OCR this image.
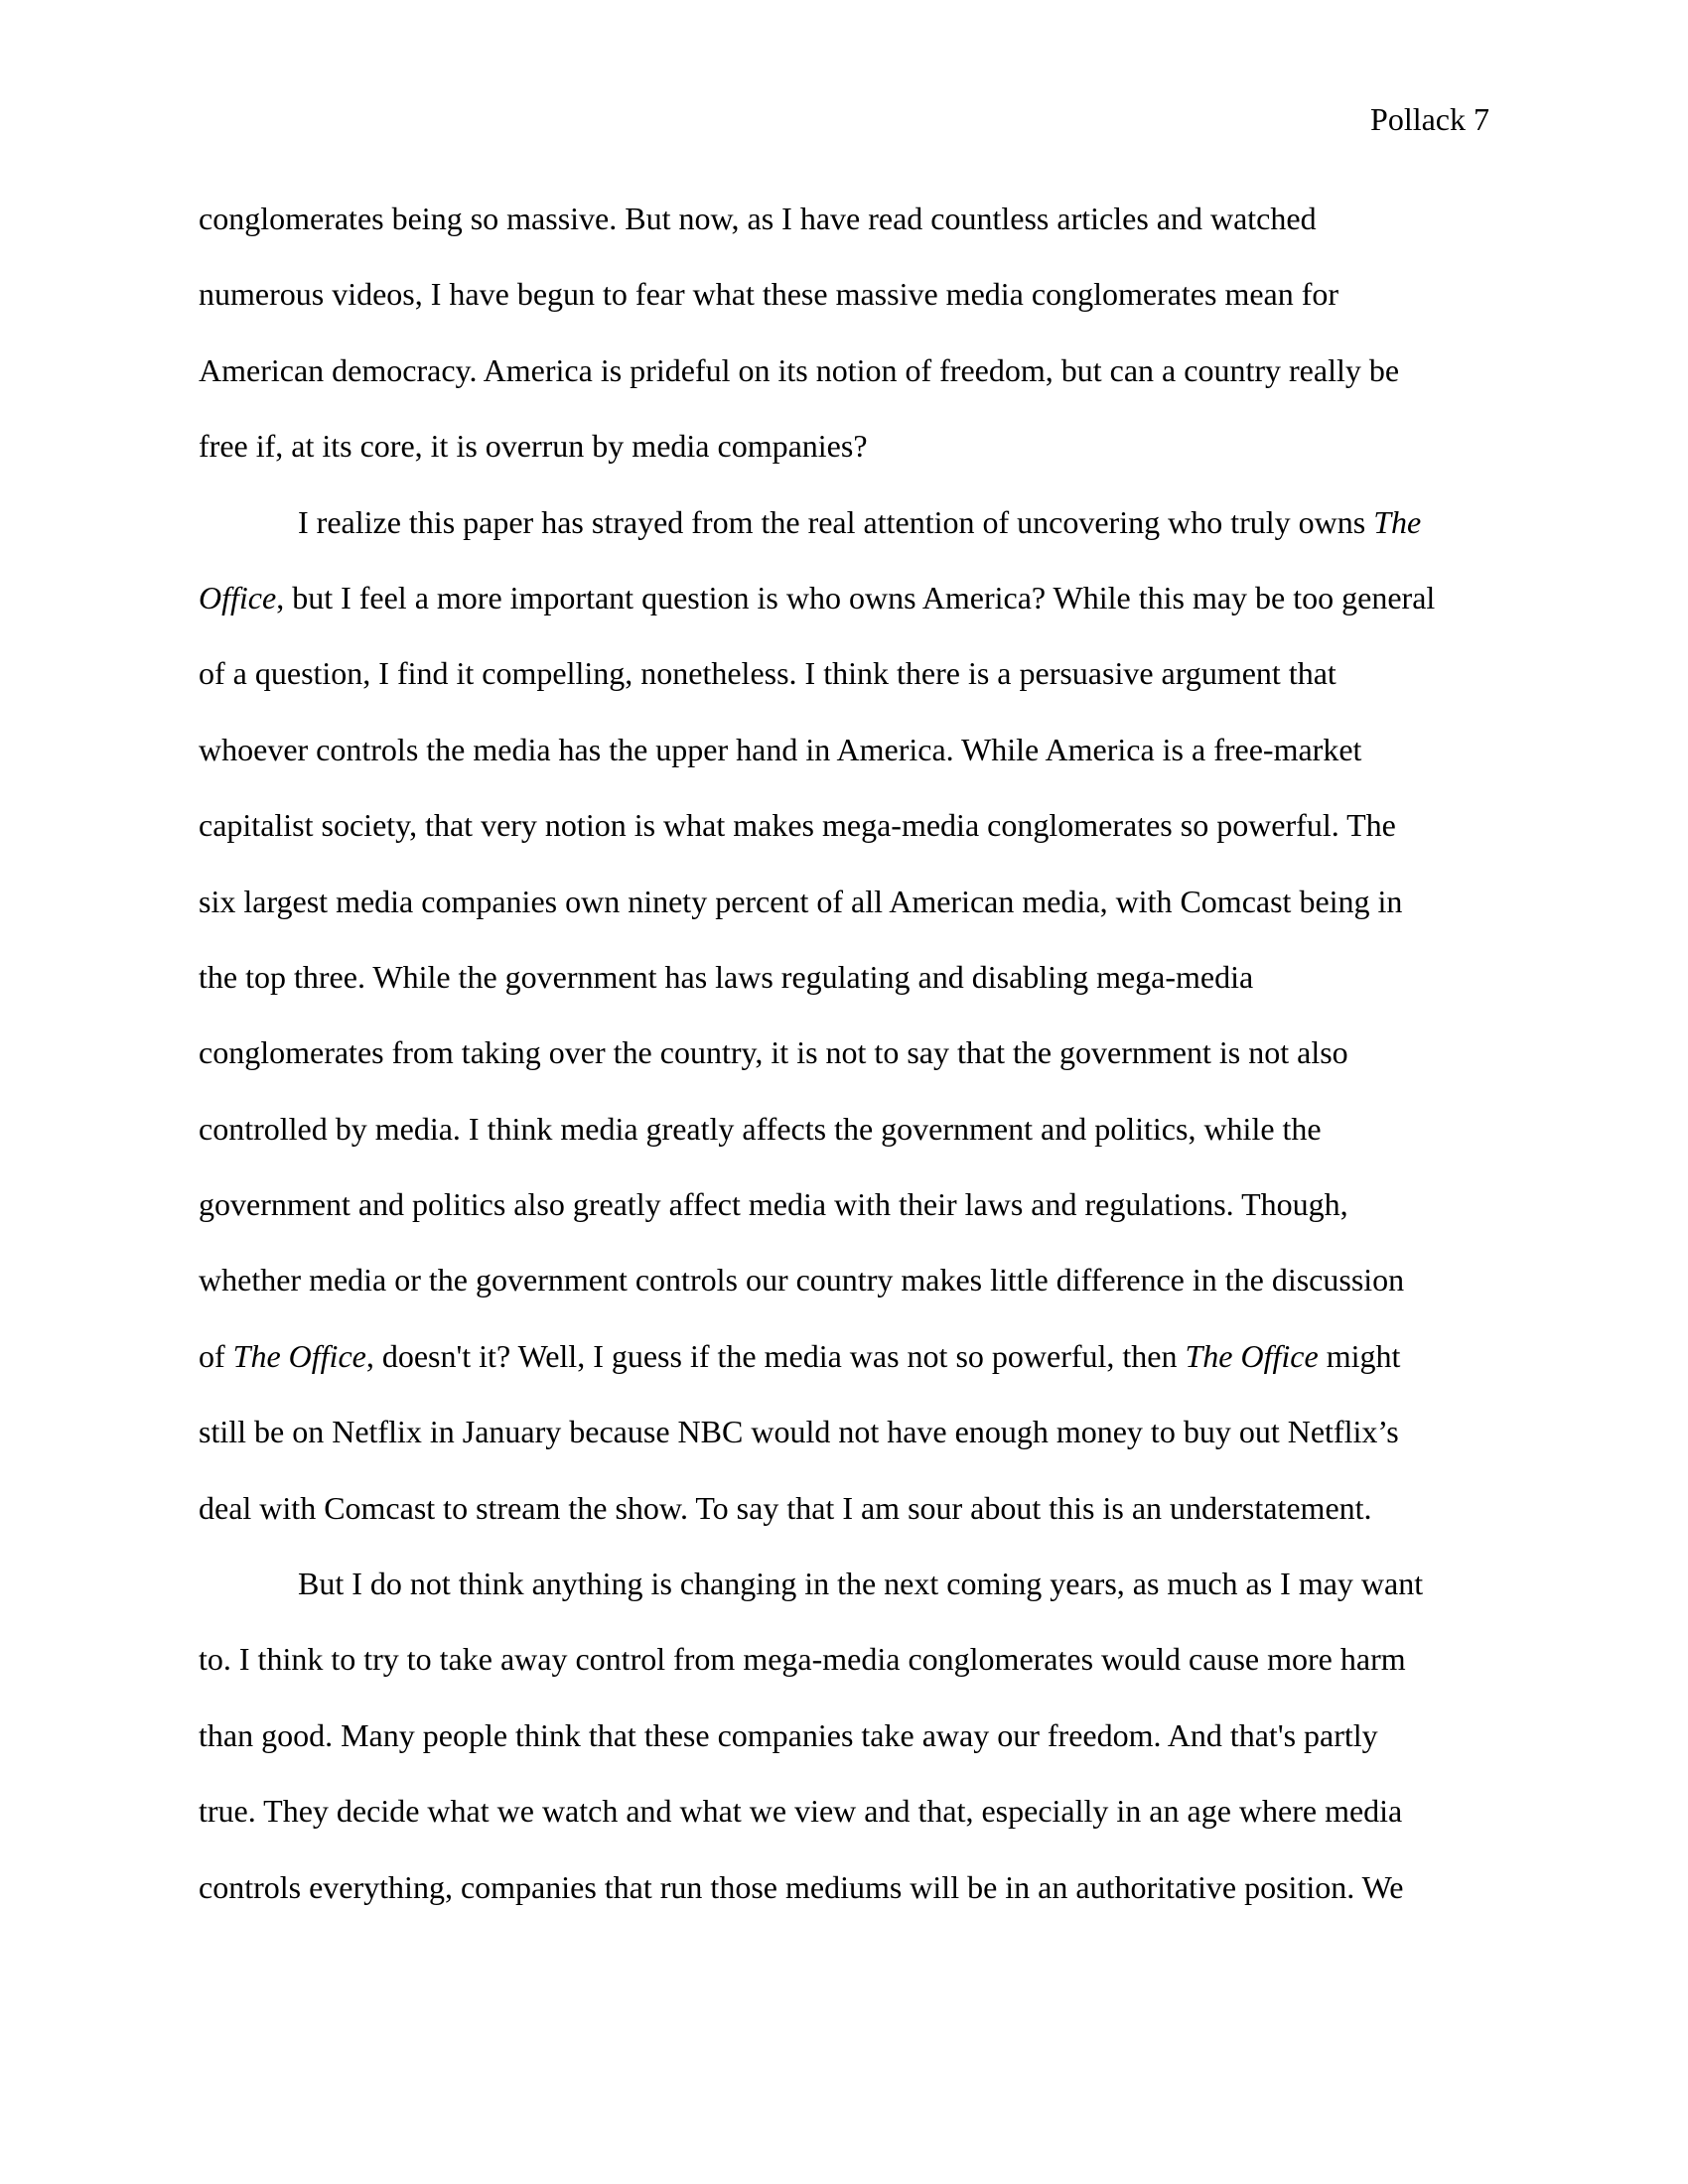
Pollack 7
conglomerates being so massive. But now, as I have read countless articles and watched
numerous videos, I have begun to fear what these massive media conglomerates mean for
American democracy. America is prideful on its notion of freedom, but can a country really be
free if, at its core, it is overrun by media companies?
I realize this paper has strayed from the real attention of uncovering who truly owns The
Office, but I feel a more important question is who owns America? While this may be too general
of a question, I find it compelling, nonetheless. I think there is a persuasive argument that
whoever controls the media has the upper hand in America. While America is a free-market
capitalist society, that very notion is what makes mega-media conglomerates so powerful. The
six largest media companies own ninety percent of all American media, with Comcast being in
the top three. While the government has laws regulating and disabling mega-media
conglomerates from taking over the country, it is not to say that the government is not also
controlled by media. I think media greatly affects the government and politics, while the
government and politics also greatly affect media with their laws and regulations. Though,
whether media or the government controls our country makes little difference in the discussion
of The Office, doesn't it? Well, I guess if the media was not so powerful, then The Office might
still be on Netflix in January because NBC would not have enough money to buy out Netflix’s
deal with Comcast to stream the show. To say that I am sour about this is an understatement.
But I do not think anything is changing in the next coming years, as much as I may want
to. I think to try to take away control from mega-media conglomerates would cause more harm
than good. Many people think that these companies take away our freedom. And that's partly
true. They decide what we watch and what we view and that, especially in an age where media
controls everything, companies that run those mediums will be in an authoritative position. We
